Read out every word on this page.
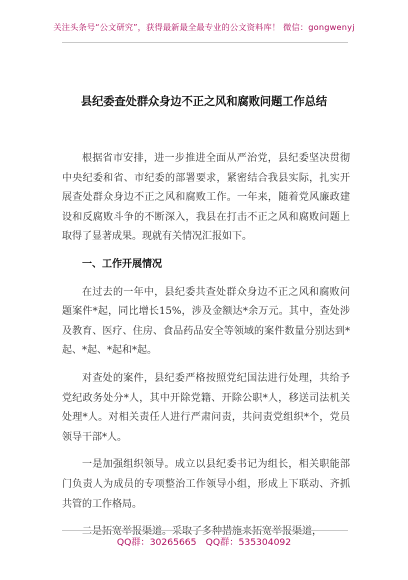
关注头条号“公文研究”，获得最新最全最专业的公文资料库！ 微信：gongwenyj
县纪委查处群众身边不正之风和腐败问题工作总结

根据省市安排，进一步推进全面从严治党，县纪委坚决贯彻中央纪委和省、市纪委的部署要求，紧密结合我县实际，扎实开展查处群众身边不正之风和腐败工作。一年来，随着党风廉政建设和反腐败斗争的不断深入，我县在打击不正之风和腐败问题上取得了显著成果。现就有关情况汇报如下。

一、工作开展情况

在过去的一年中，县纪委共查处群众身边不正之风和腐败问题案件*起，同比增长15%，涉及金额达*余万元。其中，查处涉及教育、医疗、住房、食品药品安全等领域的案件数量分别达到*起、*起、*起和*起。

对查处的案件，县纪委严格按照党纪国法进行处理，共给予党纪政务处分*人，其中开除党籍、开除公职*人，移送司法机关处理*人。对相关责任人进行严肃问责，共问责党组织*个，党员领导干部*人。

一是加强组织领导。成立以县纪委书记为组长，相关职能部门负责人为成员的专项整治工作领导小组，形成上下联动、齐抓共管的工作格局。

二是拓宽举报渠道。采取了多种措施来拓宽举报渠道，

QQ群：30265665　QQ群：535304092
